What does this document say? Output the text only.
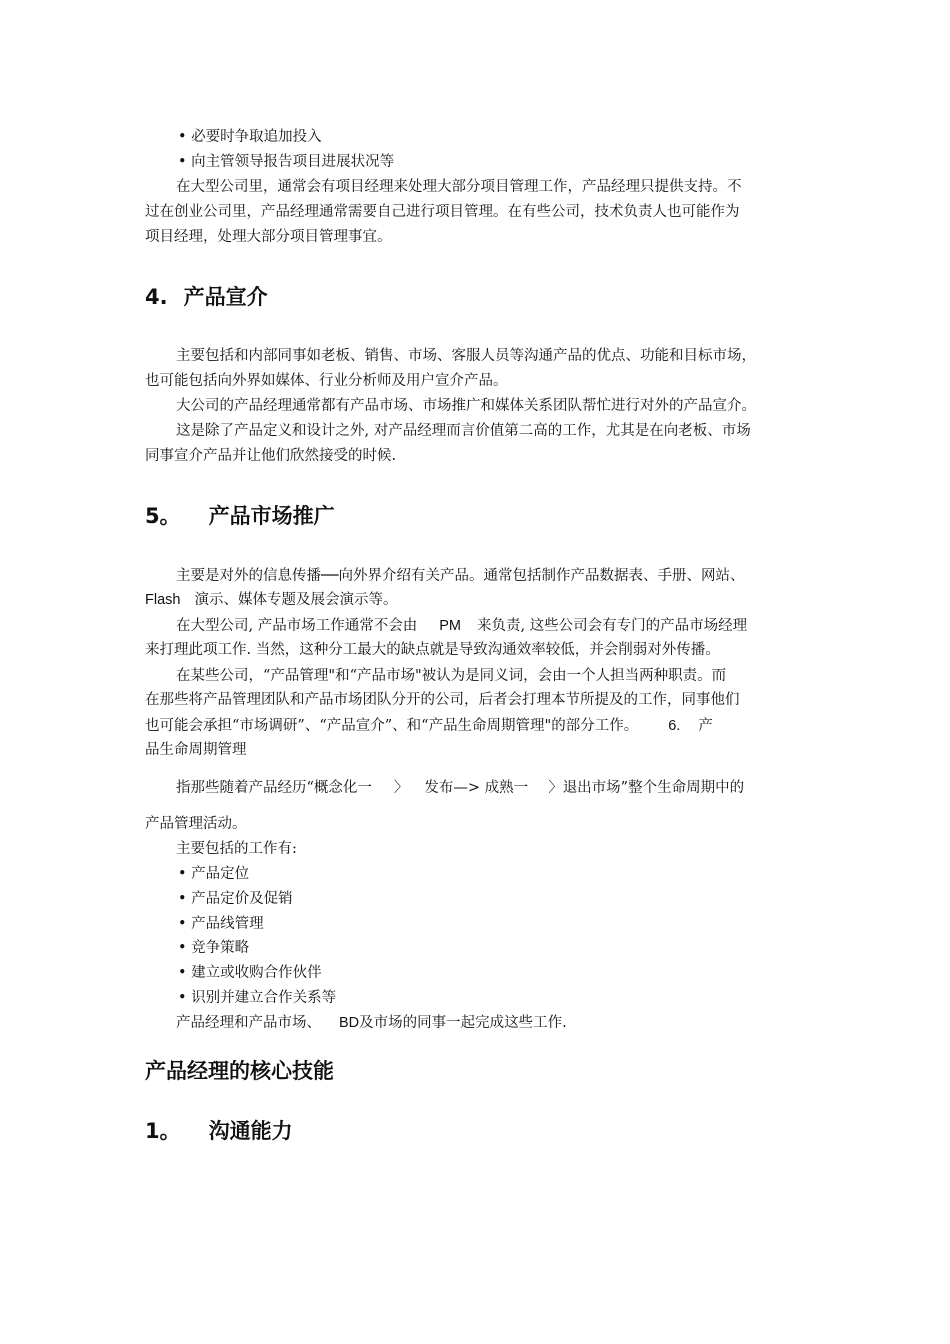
• 必要时争取追加投入
• 向主管领导报告项目进展状况等
在大型公司里，通常会有项目经理来处理大部分项目管理工作，产品经理只提供支持。不
过在创业公司里，产品经理通常需要自己进行项目管理。在有些公司，技术负责人也可能作为
项目经理，处理大部分项目管理事宜。
4. 产品宣介
主要包括和内部同事如老板、销售、市场、客服人员等沟通产品的优点、功能和目标市场，
也可能包括向外界如媒体、行业分析师及用户宣介产品。
大公司的产品经理通常都有产品市场、市场推广和媒体关系团队帮忙进行对外的产品宣介。
这是除了产品定义和设计之外, 对产品经理而言价值第二高的工作，尤其是在向老板、市场
同事宣介产品并让他们欣然接受的时候.
5。 产品市场推广
主要是对外的信息传播──向外界介绍有关产品。通常包括制作产品数据表、手册、网站、
Flash 演示、媒体专题及展会演示等。
在大型公司, 产品市场工作通常不会由 PM 来负责, 这些公司会有专门的产品市场经理
来打理此项工作. 当然，这种分工最大的缺点就是导致沟通效率较低，并会削弱对外传播。
在某些公司，“产品管理"和“产品市场"被认为是同义词，会由一个人担当两种职责。而
在那些将产品管理团队和产品市场团队分开的公司，后者会打理本节所提及的工作，同事他们
也可能会承担“市场调研”、“产品宣介”、和“产品生命周期管理"的部分工作。 6. 产
品生命周期管理
指那些随着产品经历“概念化一 〉 发布—> 成熟一 〉退出市场”整个生命周期中的
产品管理活动。
主要包括的工作有:
• 产品定位
• 产品定价及促销
• 产品线管理
• 竞争策略
• 建立或收购合作伙伴
• 识别并建立合作关系等
产品经理和产品市场、 BD及市场的同事一起完成这些工作.
产品经理的核心技能
1。 沟通能力
